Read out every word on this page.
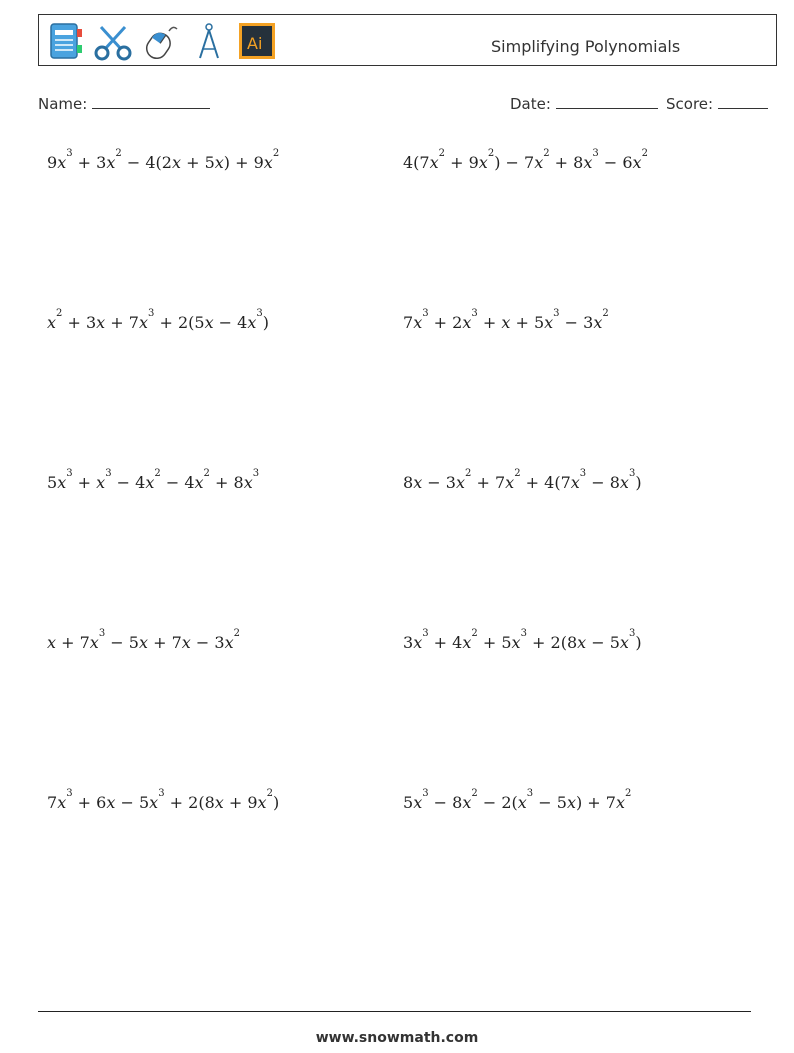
Ai	Simplifying Polynomials
Name:	Date:	Score:
$9x^3 + 3x^2 - 4(2x + 5x) + 9x^2$	$4(7x^2 + 9x^2) - 7x^2 + 8x^3 - 6x^2$
$x^2 + 3x + 7x^3 + 2(5x - 4x^3)$	$7x^3 + 2x^3 + x + 5x^3 - 3x^2$
$5x^3 + x^3 - 4x^2 - 4x^2 + 8x^3$	$8x - 3x^2 + 7x^2 + 4(7x^3 - 8x^3)$
$x + 7x^3 - 5x + 7x - 3x^2$	$3x^3 + 4x^2 + 5x^3 + 2(8x - 5x^3)$
$7x^3 + 6x - 5x^3 + 2(8x + 9x^2)$	$5x^3 - 8x^2 - 2(x^3 - 5x) + 7x^2$
www.snowmath.com
